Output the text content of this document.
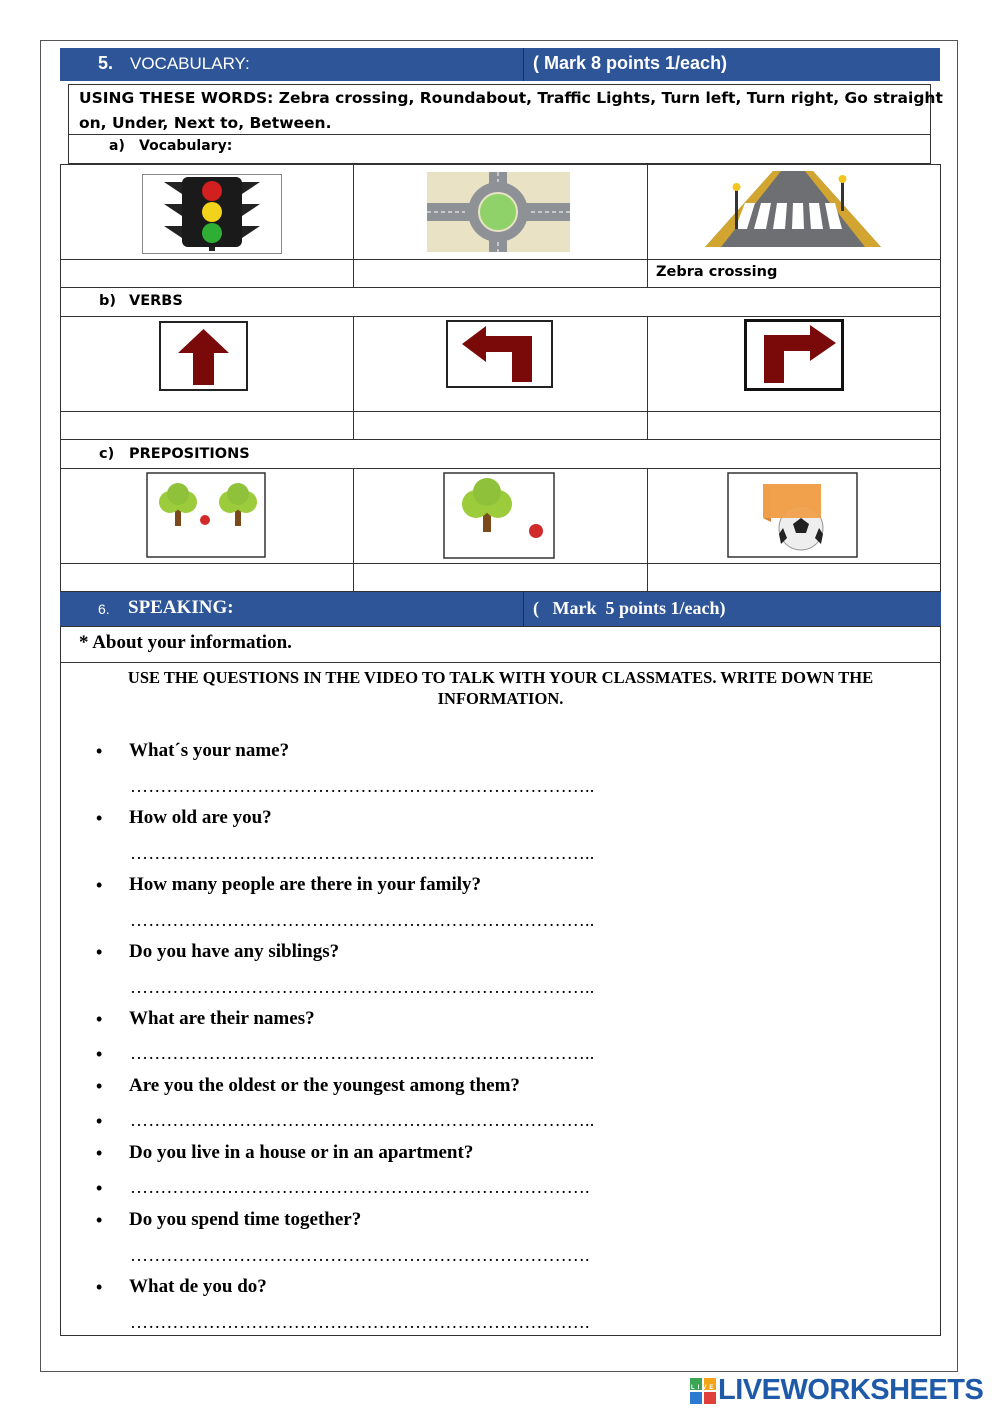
5. VOCABULARY:	( Mark 8 points 1/each)
USING THESE WORDS: Zebra crossing, Roundabout, Traffic Lights, Turn left, Turn right, Go straight
on, Under, Next to, Between.
a) Vocabulary:
Zebra crossing
b) VERBS
c) PREPOSITIONS
6. SPEAKING:	(   Mark  5 points 1/each)
* About your information.
USE THE QUESTIONS IN THE VIDEO TO TALK WITH YOUR CLASSMATES. WRITE DOWN THE
INFORMATION.
• What´s your name?
…………………………………………………………………..
• How old are you?
…………………………………………………………………..
• How many people are there in your family?
…………………………………………………………………..
• Do you have any siblings?
…………………………………………………………………..
• What are their names?
• …………………………………………………………………..
• Are you the oldest or the youngest among them?
• …………………………………………………………………..
• Do you live in a house or in an apartment?
• ………………………………………………………………….
• Do you spend time together?
………………………………………………………………….
• What de you do?
………………………………………………………………….
LIVE LIVEWORKSHEETS
